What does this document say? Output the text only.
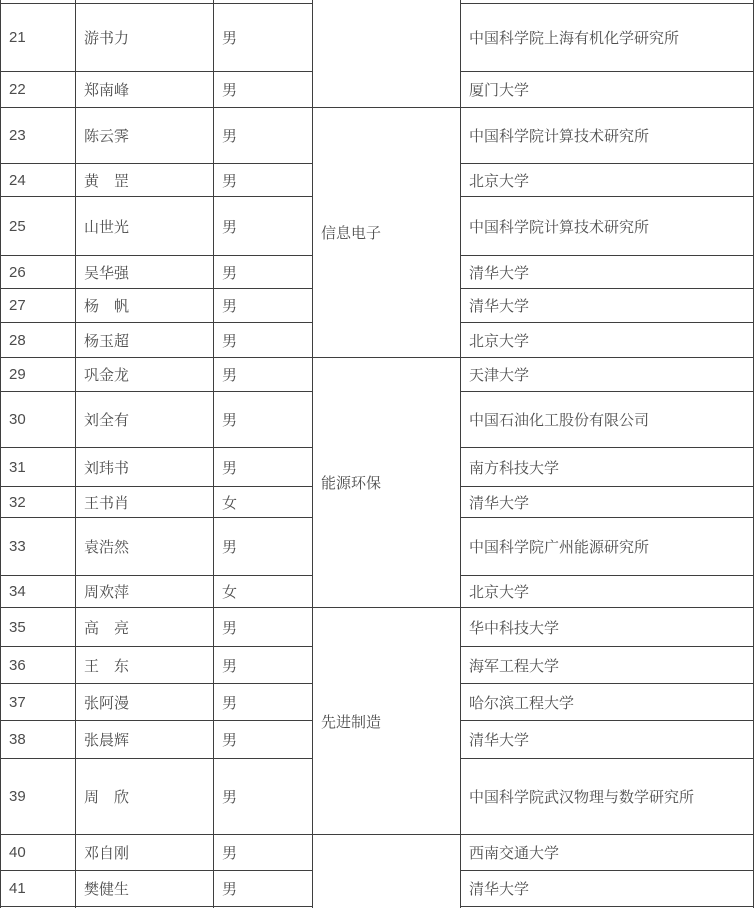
21	游书力	男		中国科学院上海有机化学研究所
22	郑南峰	男		厦门大学
23	陈云霁	男	信息电子	中国科学院计算技术研究所
24	黄　罡	男		北京大学
25	山世光	男		中国科学院计算技术研究所
26	吴华强	男		清华大学
27	杨　帆	男		清华大学
28	杨玉超	男		北京大学
29	巩金龙	男	能源环保	天津大学
30	刘全有	男		中国石油化工股份有限公司
31	刘玮书	男		南方科技大学
32	王书肖	女		清华大学
33	袁浩然	男		中国科学院广州能源研究所
34	周欢萍	女		北京大学
35	高　亮	男	先进制造	华中科技大学
36	王　东	男		海军工程大学
37	张阿漫	男		哈尔滨工程大学
38	张晨辉	男		清华大学
39	周　欣	男		中国科学院武汉物理与数学研究所
40	邓自刚	男		西南交通大学
41	樊健生	男		清华大学
